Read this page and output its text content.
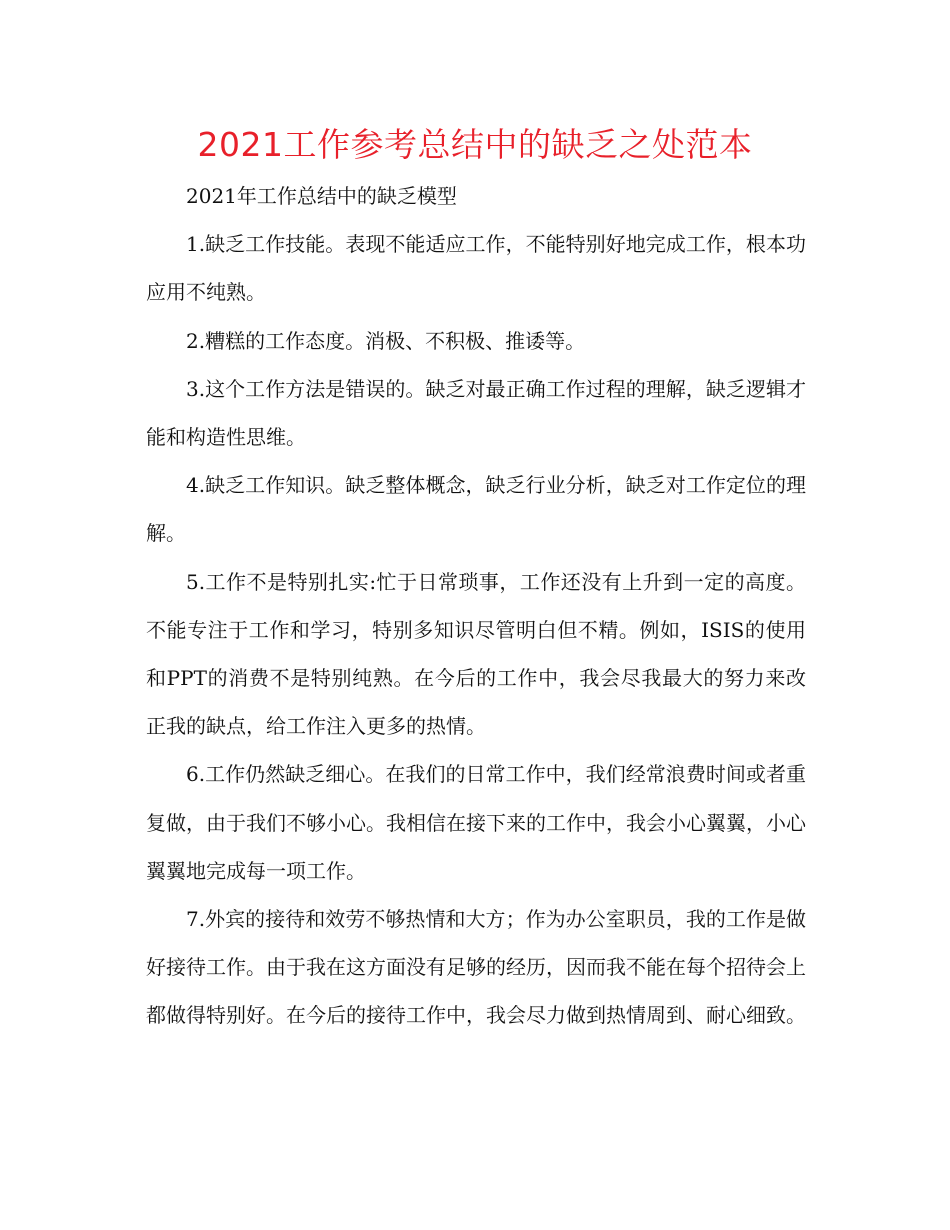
2021工作参考总结中的缺乏之处范本

2021年工作总结中的缺乏模型

1.缺乏工作技能。表现不能适应工作，不能特别好地完成工作，根本功应用不纯熟。

2.糟糕的工作态度。消极、不积极、推诿等。

3.这个工作方法是错误的。缺乏对最正确工作过程的理解，缺乏逻辑才能和构造性思维。

4.缺乏工作知识。缺乏整体概念，缺乏行业分析，缺乏对工作定位的理解。

5.工作不是特别扎实:忙于日常琐事，工作还没有上升到一定的高度。不能专注于工作和学习，特别多知识尽管明白但不精。例如，ISIS的使用和PPT的消费不是特别纯熟。在今后的工作中，我会尽我最大的努力来改正我的缺点，给工作注入更多的热情。

6.工作仍然缺乏细心。在我们的日常工作中，我们经常浪费时间或者重复做，由于我们不够小心。我相信在接下来的工作中，我会小心翼翼，小心翼翼地完成每一项工作。

7.外宾的接待和效劳不够热情和大方；作为办公室职员，我的工作是做好接待工作。由于我在这方面没有足够的经历，因而我不能在每个招待会上都做得特别好。在今后的接待工作中，我会尽力做到热情周到、耐心细致。
